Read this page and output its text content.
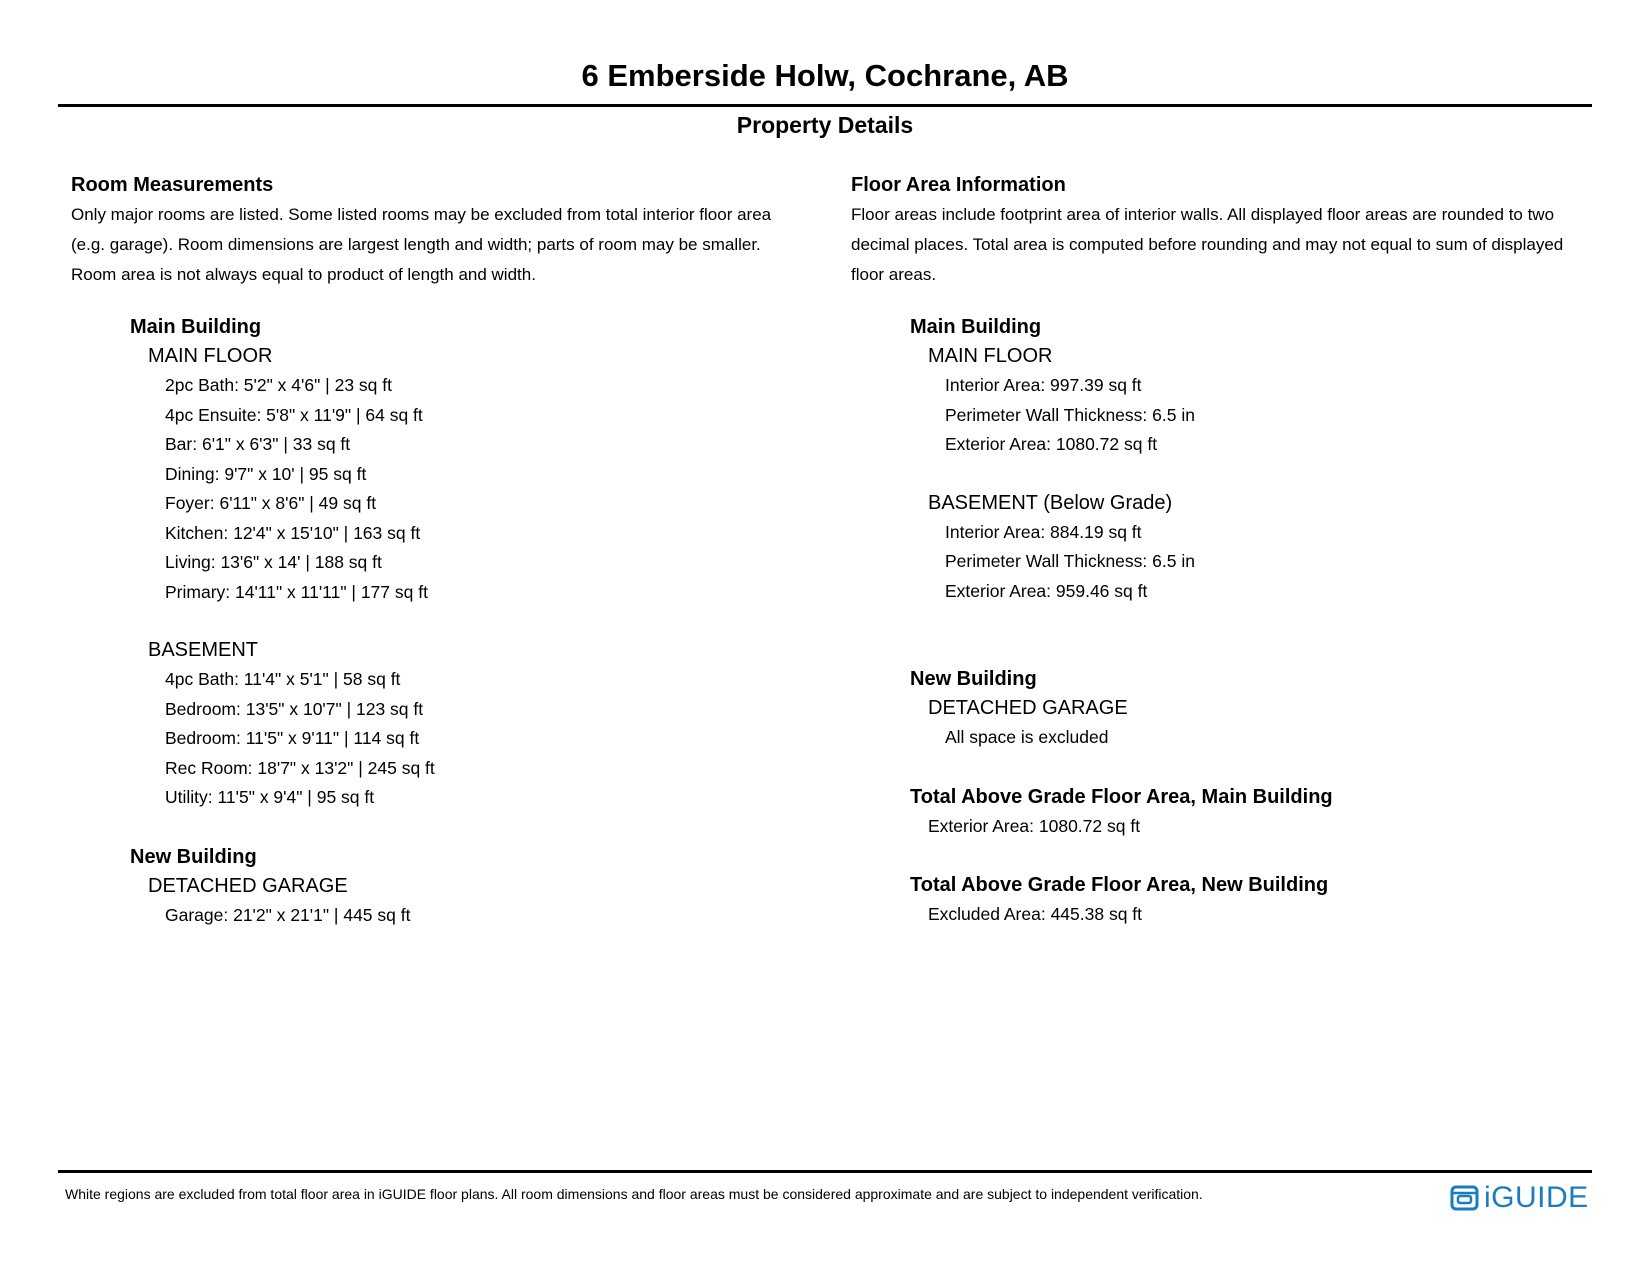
6 Emberside Holw, Cochrane, AB
Property Details
Room Measurements
Only major rooms are listed. Some listed rooms may be excluded from total interior floor area
(e.g. garage). Room dimensions are largest length and width; parts of room may be smaller.
Room area is not always equal to product of length and width.
Main Building
MAIN FLOOR
2pc Bath: 5'2" x 4'6" | 23 sq ft
4pc Ensuite: 5'8" x 11'9" | 64 sq ft
Bar: 6'1" x 6'3" | 33 sq ft
Dining: 9'7" x 10' | 95 sq ft
Foyer: 6'11" x 8'6" | 49 sq ft
Kitchen: 12'4" x 15'10" | 163 sq ft
Living: 13'6" x 14' | 188 sq ft
Primary: 14'11" x 11'11" | 177 sq ft
BASEMENT
4pc Bath: 11'4" x 5'1" | 58 sq ft
Bedroom: 13'5" x 10'7" | 123 sq ft
Bedroom: 11'5" x 9'11" | 114 sq ft
Rec Room: 18'7" x 13'2" | 245 sq ft
Utility: 11'5" x 9'4" | 95 sq ft
New Building
DETACHED GARAGE
Garage: 21'2" x 21'1" | 445 sq ft
Floor Area Information
Floor areas include footprint area of interior walls. All displayed floor areas are rounded to two
decimal places. Total area is computed before rounding and may not equal to sum of displayed
floor areas.
Main Building
MAIN FLOOR
Interior Area: 997.39 sq ft
Perimeter Wall Thickness: 6.5 in
Exterior Area: 1080.72 sq ft
BASEMENT (Below Grade)
Interior Area: 884.19 sq ft
Perimeter Wall Thickness: 6.5 in
Exterior Area: 959.46 sq ft
New Building
DETACHED GARAGE
All space is excluded
Total Above Grade Floor Area, Main Building
Exterior Area: 1080.72 sq ft
Total Above Grade Floor Area, New Building
Excluded Area: 445.38 sq ft
White regions are excluded from total floor area in iGUIDE floor plans. All room dimensions and floor areas must be considered approximate and are subject to independent verification.	iGUIDE
